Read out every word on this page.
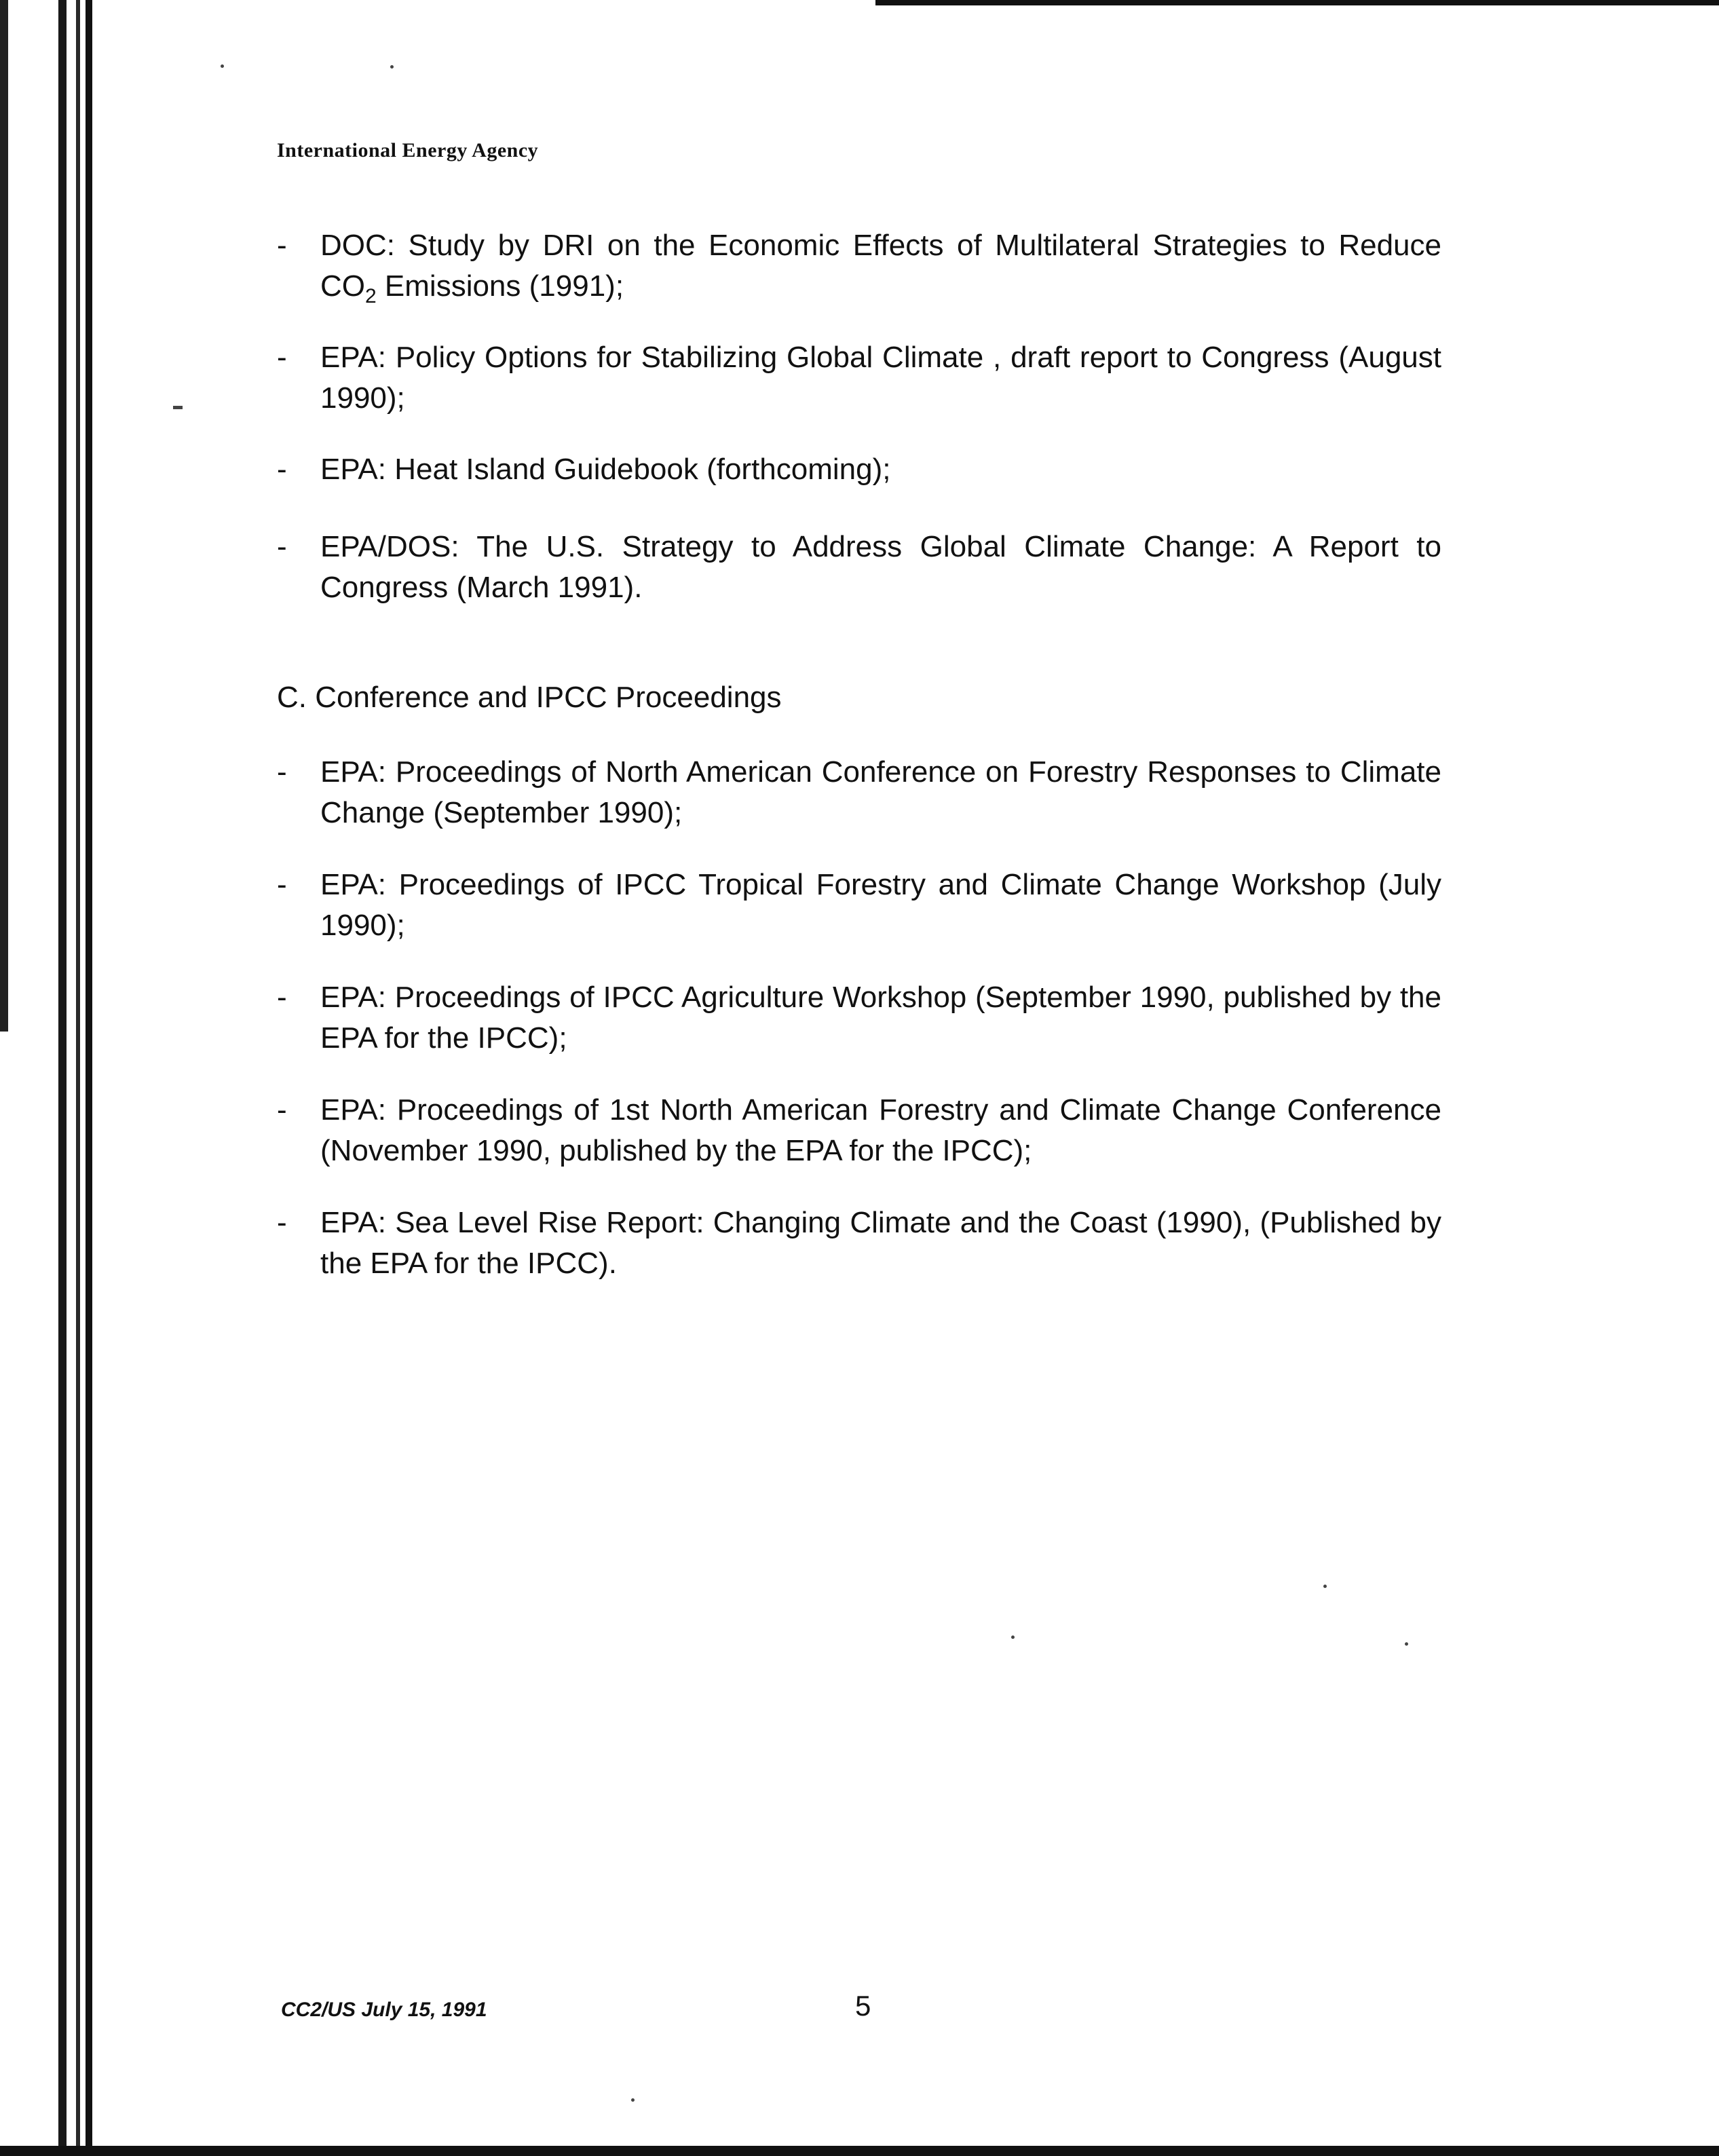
International Energy Agency
-	DOC: Study by DRI on the Economic Effects of Multilateral Strategies to Reduce $CO_2$ Emissions (1991);
-	EPA: Policy Options for Stabilizing Global Climate , draft report to Congress (August 1990);
-	EPA: Heat Island Guidebook (forthcoming);
-	EPA/DOS: The U.S. Strategy to Address Global Climate Change: A Report to Congress (March 1991).
C. Conference and IPCC Proceedings
-	EPA: Proceedings of North American Conference on Forestry Responses to Climate Change (September 1990);
-	EPA: Proceedings of IPCC Tropical Forestry and Climate Change Workshop (July 1990);
-	EPA: Proceedings of IPCC Agriculture Workshop (September 1990, published by the EPA for the IPCC);
-	EPA: Proceedings of 1st North American Forestry and Climate Change Conference (November 1990, published by the EPA for the IPCC);
-	EPA: Sea Level Rise Report: Changing Climate and the Coast (1990), (Published by the EPA for the IPCC).
CC2/US July 15, 1991	5
